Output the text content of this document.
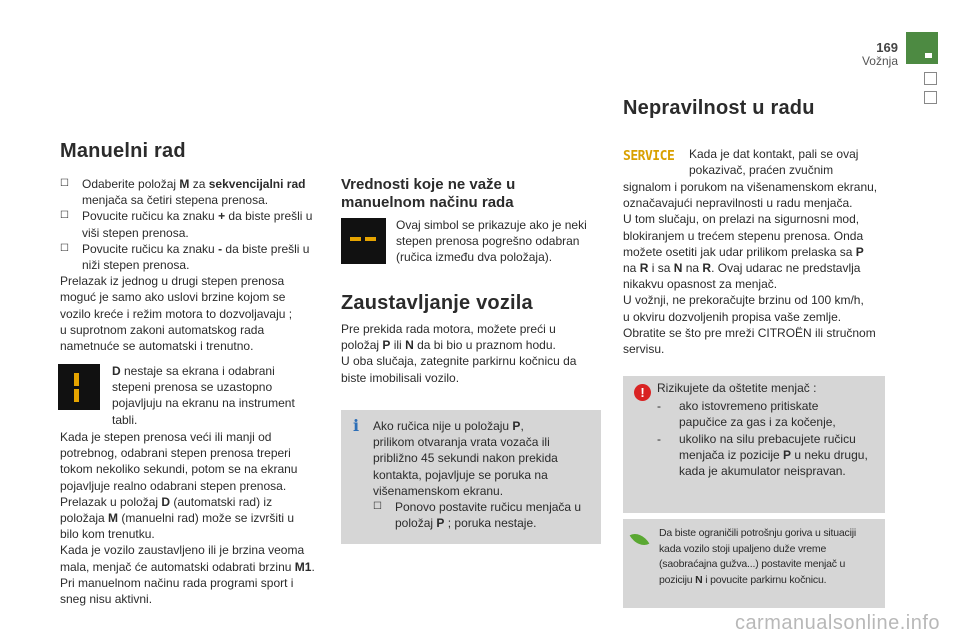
169
Vožnja
Manuelni rad
☐ Odaberite položaj M za sekvencijalni rad
menjača sa četiri stepena prenosa.
☐ Povucite ručicu ka znaku + da biste prešli u
viši stepen prenosa.
☐ Povucite ručicu ka znaku - da biste prešli u
niži stepen prenosa.

Prelazak iz jednog u drugi stepen prenosa
moguć je samo ako uslovi brzine kojom se
vozilo kreće i režim motora to dozvoljavaju ;
u suprotnom zakoni automatskog rada
nametnuće se automatski i trenutno.

D nestaje sa ekrana i odabrani
stepeni prenosa se uzastopno
pojavljuju na ekranu na instrument
tabli.
Kada je stepen prenosa veći ili manji od
potrebnog, odabrani stepen prenosa treperi
tokom nekoliko sekundi, potom se na ekranu
pojavljuje realno odabrani stepen prenosa.
Prelazak u položaj D (automatski rad) iz
položaja M (manuelni rad) može se izvršiti u
bilo kom trenutku.
Kada je vozilo zaustavljeno ili je brzina veoma
mala, menjač će automatski odabrati brzinu M1.
Pri manuelnom načinu rada programi sport i
sneg nisu aktivni.
Vrednosti koje ne važe u
manuelnom načinu rada
Ovaj simbol se prikazuje ako je neki
stepen prenosa pogrešno odabran
(ručica između dva položaja).
Zaustavljanje vozila
Pre prekida rada motora, možete preći u
položaj P ili N da bi bio u praznom hodu.
U oba slučaja, zategnite parkirnu kočnicu da
biste imobilisali vozilo.
i	Ako ručica nije u položaju P,
prilikom otvaranja vrata vozača ili
približno 45 sekundi nakon prekida
kontakta, pojavljuje se poruka na
višenamenskom ekranu.
☐ Ponovo postavite ručicu menjača u
položaj P ; poruka nestaje.
Nepravilnost u radu
SERVICE Kada je dat kontakt, pali se ovaj
pokazivač, praćen zvučnim
signalom i porukom na višenamenskom ekranu,
označavajući nepravilnosti u radu menjača.
U tom slučaju, on prelazi na sigurnosni mod,
blokiranjem u trećem stepenu prenosa. Onda
možete osetiti jak udar prilikom prelaska sa P
na R i sa N na R. Ovaj udarac ne predstavlja
nikakvu opasnost za menjač.
U vožnji, ne prekoračujte brzinu od 100 km/h,
u okviru dozvoljenih propisa vaše zemlje.
Obratite se što pre mreži CITROËN ili stručnom
servisu.
!	Rizikujete da oštetite menjač :
- ako istovremeno pritiskate
papučice za gas i za kočenje,
- ukoliko na silu prebacujete ručicu
menjača iz pozicije P u neku drugu,
kada je akumulator neispravan.
Da biste ograničili potrošnju goriva u situaciji
kada vozilo stoji upaljeno duže vreme
(saobraćajna gužva...) postavite menjač u
poziciju N i povucite parkirnu kočnicu.
carmanualsonline.info
